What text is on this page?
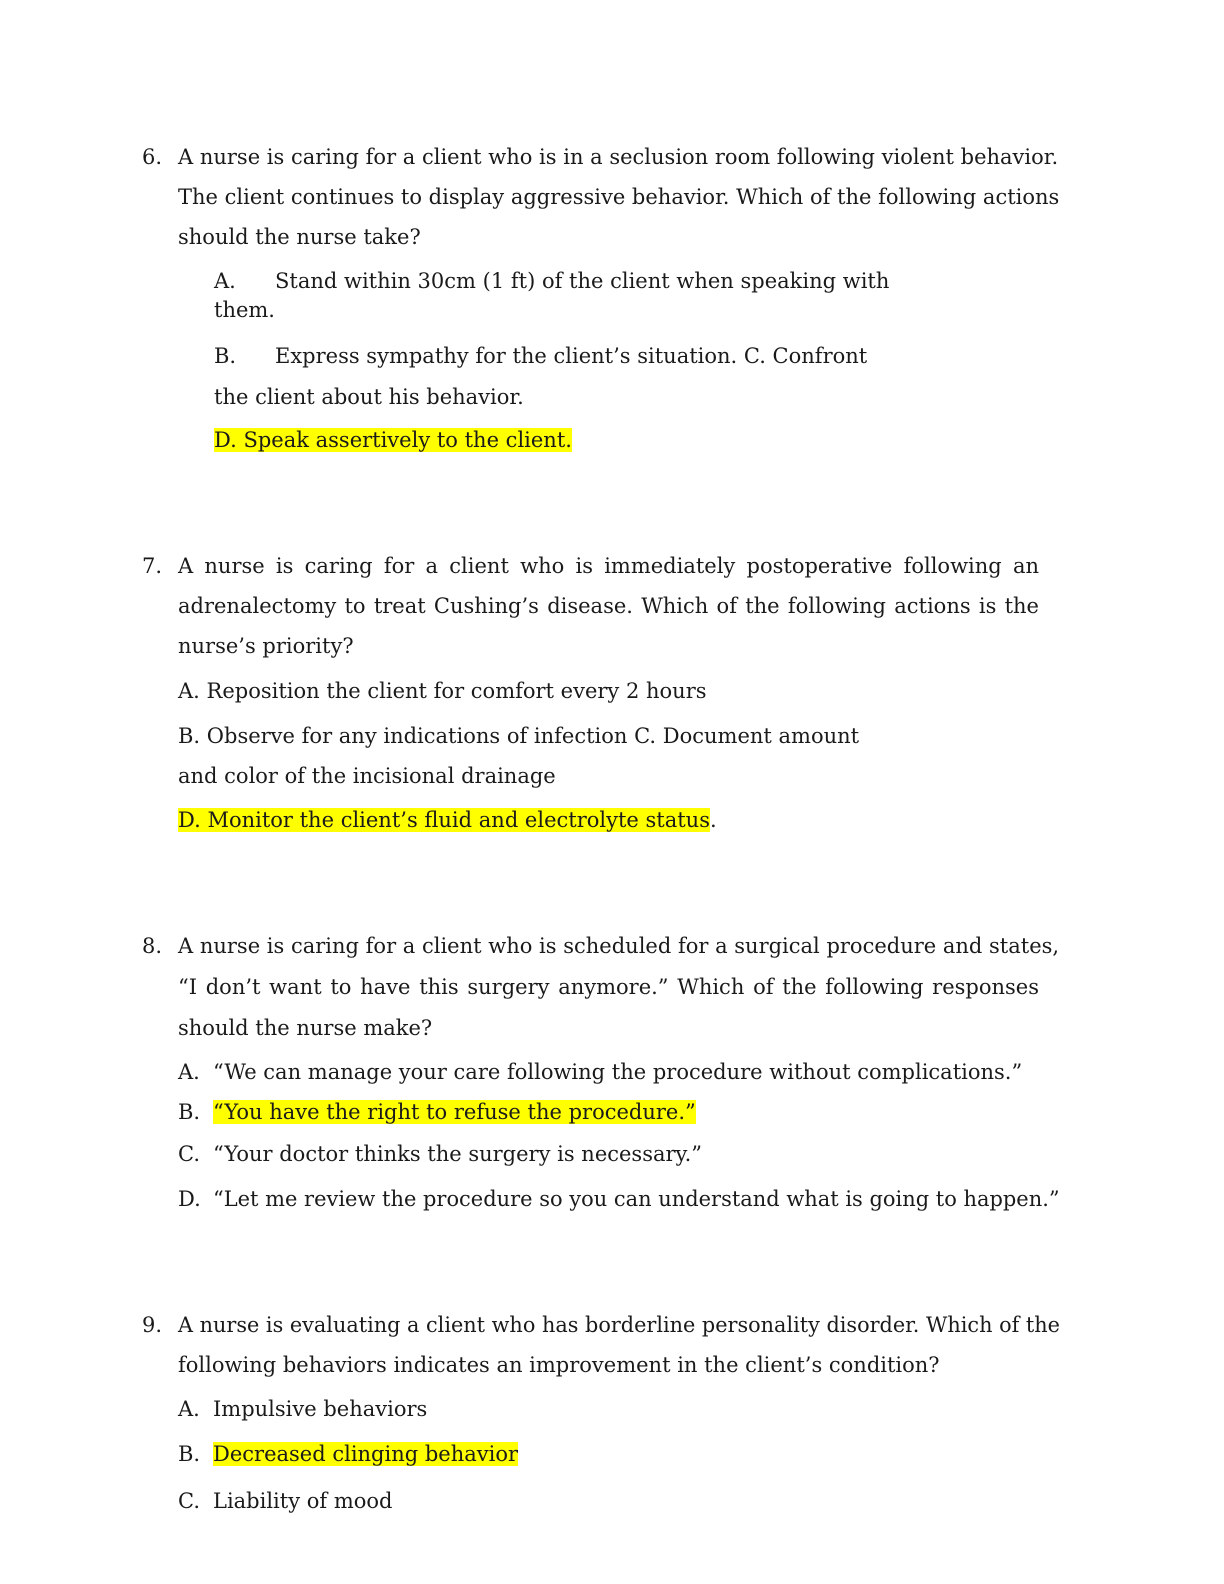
6. A nurse is caring for a client who is in a seclusion room following violent behavior.
The client continues to display aggressive behavior. Which of the following actions
should the nurse take?
A. Stand within 30cm (1 ft) of the client when speaking with
them.
B. Express sympathy for the client’s situation. C. Confront
the client about his behavior.
D. Speak assertively to the client.
7. A nurse is caring for a client who is immediately postoperative following an
adrenalectomy to treat Cushing’s disease. Which of the following actions is the
nurse’s priority?
A. Reposition the client for comfort every 2 hours
B. Observe for any indications of infection C. Document amount
and color of the incisional drainage
D. Monitor the client’s fluid and electrolyte status.
8. A nurse is caring for a client who is scheduled for a surgical procedure and states,
“I don’t want to have this surgery anymore.” Which of the following responses
should the nurse make?
A. “We can manage your care following the procedure without complications.”
B. “You have the right to refuse the procedure.”
C. “Your doctor thinks the surgery is necessary.”
D. “Let me review the procedure so you can understand what is going to happen.”
9. A nurse is evaluating a client who has borderline personality disorder. Which of the
following behaviors indicates an improvement in the client’s condition?
A. Impulsive behaviors
B. Decreased clinging behavior
C. Liability of mood
